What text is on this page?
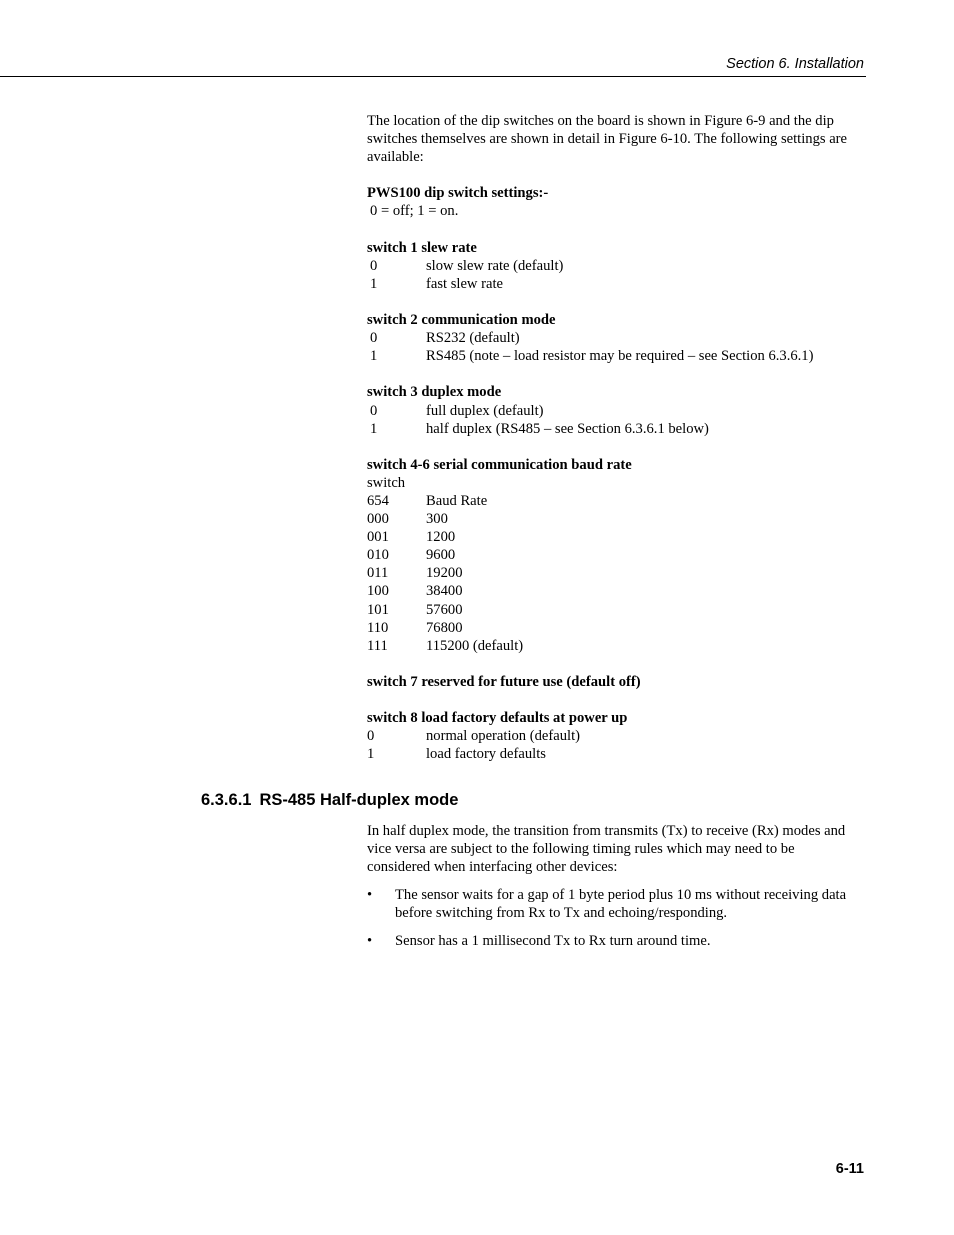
Section 6. Installation

The location of the dip switches on the board is shown in Figure 6-9 and the dip switches themselves are shown in detail in Figure 6-10. The following settings are available:

PWS100 dip switch settings:-
0 = off; 1 = on.
switch 1 slew rate
0	slow slew rate (default)
1	fast slew rate
switch 2 communication mode
0	RS232 (default)
1	RS485 (note – load resistor may be required – see Section 6.3.6.1)
switch 3 duplex mode
0	full duplex (default)
1	half duplex (RS485 – see Section 6.3.6.1 below)
switch 4-6 serial communication baud rate
switch
654	Baud Rate
000	300
001	1200
010	9600
011	19200
100	38400
101	57600
110	76800
111	115200 (default)
switch 7 reserved for future use (default off)
switch 8 load factory defaults at power up
0	normal operation (default)
1	load factory defaults
6.3.6.1 RS-485 Half-duplex mode

In half duplex mode, the transition from transmits (Tx) to receive (Rx) modes and vice versa are subject to the following timing rules which may need to be considered when interfacing other devices:

•	The sensor waits for a gap of 1 byte period plus 10 ms without receiving data before switching from Rx to Tx and echoing/responding.
•	Sensor has a 1 millisecond Tx to Rx turn around time.
6-11
